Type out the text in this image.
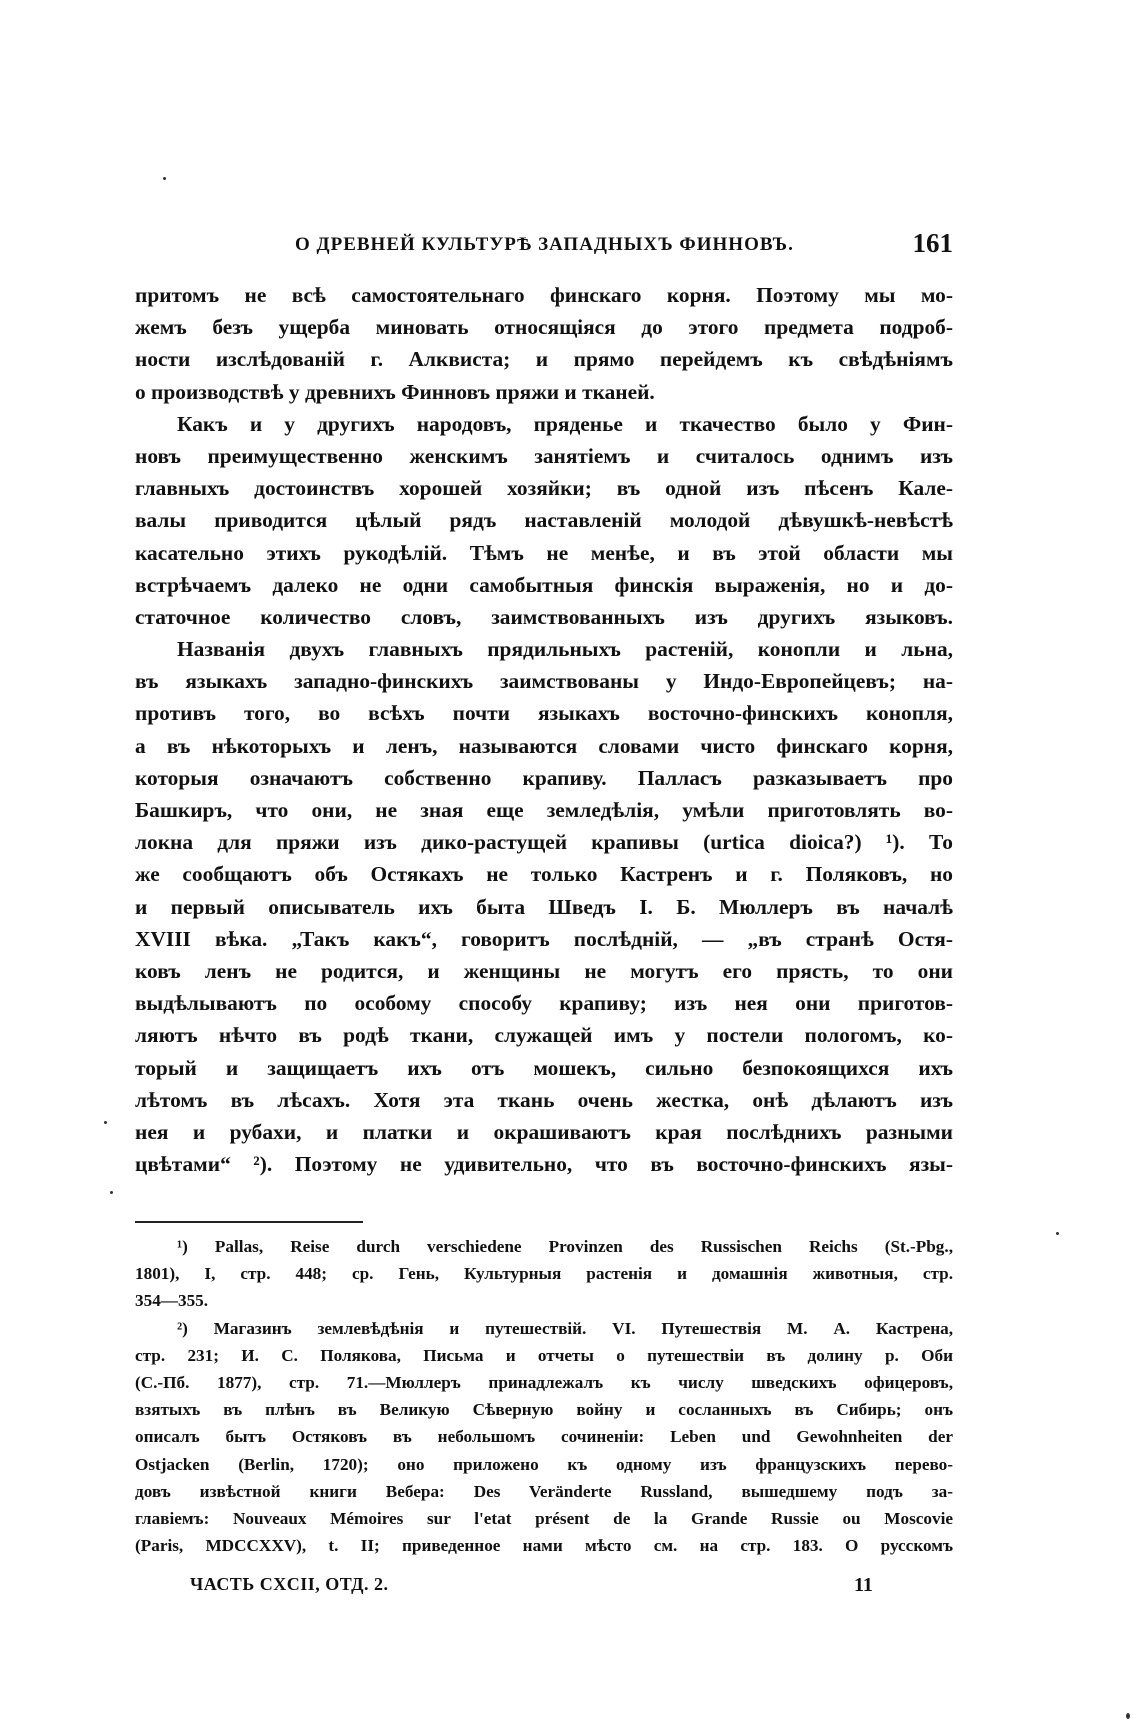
О ДРЕВНЕЙ КУЛЬТУРѢ ЗАПАДНЫХЪ ФИННОВЪ.	161
притомъ не всѣ самостоятельнаго финскаго корня. Поэтому мы мо-
жемъ безъ ущерба миновать относящіяся до этого предмета подроб-
ности изслѣдованій г. Алквиста; и прямо перейдемъ къ свѣдѣніямъ
о производствѣ у древнихъ Финновъ пряжи и тканей.
Какъ и у другихъ народовъ, пряденье и ткачество было у Фин-
новъ преимущественно женскимъ занятіемъ и считалось однимъ изъ
главныхъ достоинствъ хорошей хозяйки; въ одной изъ пѣсенъ Кале-
валы приводится цѣлый рядъ наставленій молодой дѣвушкѣ-невѣстѣ
касательно этихъ рукодѣлій. Тѣмъ не менѣе, и въ этой области мы
встрѣчаемъ далеко не одни самобытныя финскія выраженія, но и до-
статочное количество словъ, заимствованныхъ изъ другихъ языковъ.
Названія двухъ главныхъ прядильныхъ растеній, конопли и льна,
въ языкахъ западно-финскихъ заимствованы у Индо-Европейцевъ; на-
противъ того, во всѣхъ почти языкахъ восточно-финскихъ конопля,
а въ нѣкоторыхъ и ленъ, называются словами чисто финскаго корня,
которыя означаютъ собственно крапиву. Палласъ разказываетъ про
Башкиръ, что они, не зная еще земледѣлія, умѣли приготовлять во-
локна для пряжи изъ дико-растущей крапивы (urtica dioica?) ¹). То
же сообщаютъ объ Остякахъ не только Кастренъ и г. Поляковъ, но
и первый описыватель ихъ быта Шведъ І. Б. Мюллеръ въ началѣ
XVIII вѣка. „Такъ какъ“, говоритъ послѣдній, — „въ странѣ Остя-
ковъ ленъ не родится, и женщины не могутъ его прясть, то они
выдѣлываютъ по особому способу крапиву; изъ нея они приготов-
ляютъ нѣчто въ родѣ ткани, служащей имъ у постели пологомъ, ко-
торый и защищаетъ ихъ отъ мошекъ, сильно безпокоящихся ихъ
лѣтомъ въ лѣсахъ. Хотя эта ткань очень жестка, онѣ дѣлаютъ изъ
нея и рубахи, и платки и окрашиваютъ края послѣднихъ разными
цвѣтами“ ²). Поэтому не удивительно, что въ восточно-финскихъ язы-
¹) Pallas, Reise durch verschiedene Provinzen des Russischen Reichs (St.-Pbg.,
1801), I, стр. 448; ср. Гень, Культурныя растенія и домашнія животныя, стр.
354—355.
²) Магазинъ землевѣдѣнія и путешествій. VI. Путешествія М. А. Кастрена,
стр. 231; И. С. Полякова, Письма и отчеты о путешествіи въ долину р. Оби
(С.-Пб. 1877), стр. 71.—Мюллеръ принадлежалъ къ числу шведскихъ офицеровъ,
взятыхъ въ плѣнъ въ Великую Сѣверную войну и сосланныхъ въ Сибирь; онъ
описалъ бытъ Остяковъ въ небольшомъ сочиненіи: Leben und Gewohnheiten der
Ostjacken (Berlin, 1720); оно приложено къ одному изъ французскихъ перево-
довъ извѣстной книги Вебера: Des Veränderte Russland, вышедшему подъ за-
главіемъ: Nouveaux Mémoires sur l'etat présent de la Grande Russie ou Moscovie
(Paris, MDCCXXV), t. II; приведенное нами мѣсто см. на стр. 183. О русскомъ
ЧАСТЬ CXCII, ОТД. 2.	11
